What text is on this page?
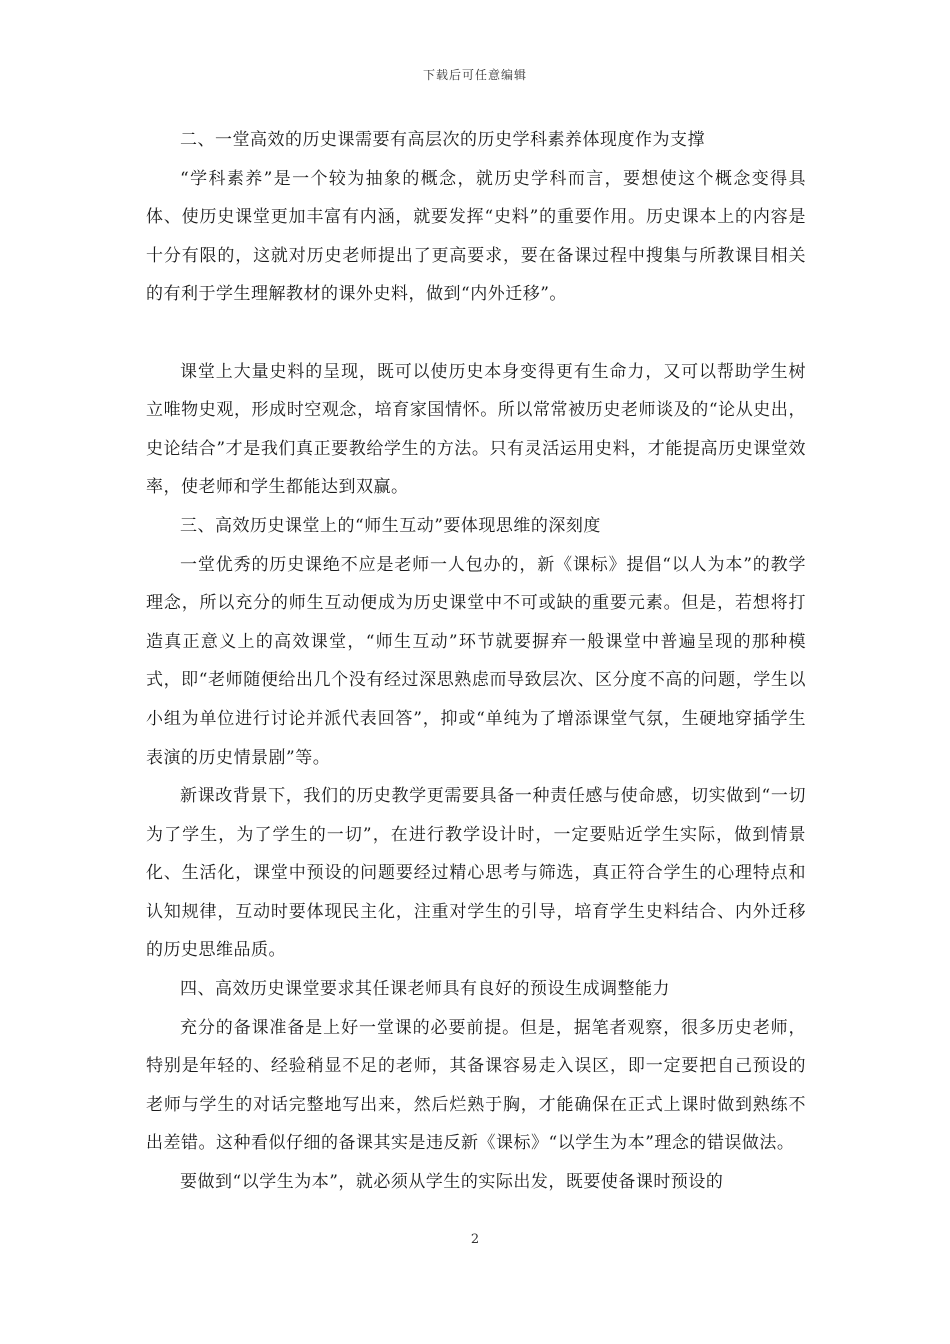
下载后可任意编辑

二、一堂高效的历史课需要有高层次的历史学科素养体现度作为支撑

“学科素养”是一个较为抽象的概念，就历史学科而言，要想使这个概念变得具体、使历史课堂更加丰富有内涵，就要发挥“史料”的重要作用。历史课本上的内容是十分有限的，这就对历史老师提出了更高要求，要在备课过程中搜集与所教课目相关的有利于学生理解教材的课外史料，做到“内外迁移”。

课堂上大量史料的呈现，既可以使历史本身变得更有生命力，又可以帮助学生树立唯物史观，形成时空观念，培育家国情怀。所以常常被历史老师谈及的“论从史出，史论结合”才是我们真正要教给学生的方法。只有灵活运用史料，才能提高历史课堂效率，使老师和学生都能达到双赢。

三、高效历史课堂上的“师生互动”要体现思维的深刻度

一堂优秀的历史课绝不应是老师一人包办的，新《课标》提倡“以人为本”的教学理念，所以充分的师生互动便成为历史课堂中不可或缺的重要元素。但是，若想将打造真正意义上的高效课堂，“师生互动”环节就要摒弃一般课堂中普遍呈现的那种模式，即“老师随便给出几个没有经过深思熟虑而导致层次、区分度不高的问题，学生以小组为单位进行讨论并派代表回答”，抑或“单纯为了增添课堂气氛，生硬地穿插学生表演的历史情景剧”等。

新课改背景下，我们的历史教学更需要具备一种责任感与使命感，切实做到“一切为了学生，为了学生的一切”，在进行教学设计时，一定要贴近学生实际，做到情景化、生活化，课堂中预设的问题要经过精心思考与筛选，真正符合学生的心理特点和认知规律，互动时要体现民主化，注重对学生的引导，培育学生史料结合、内外迁移的历史思维品质。

四、高效历史课堂要求其任课老师具有良好的预设生成调整能力

充分的备课准备是上好一堂课的必要前提。但是，据笔者观察，很多历史老师，特别是年轻的、经验稍显不足的老师，其备课容易走入误区，即一定要把自己预设的老师与学生的对话完整地写出来，然后烂熟于胸，才能确保在正式上课时做到熟练不出差错。这种看似仔细的备课其实是违反新《课标》“以学生为本”理念的错误做法。

要做到“以学生为本”，就必须从学生的实际出发，既要使备课时预设的

2
